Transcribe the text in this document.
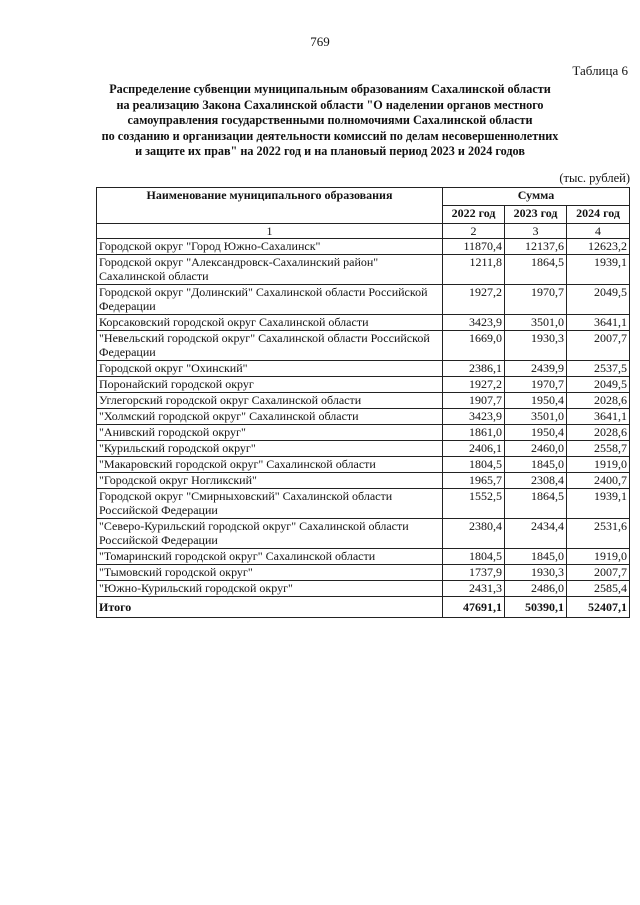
769
Таблица 6
Распределение субвенции муниципальным образованиям Сахалинской области
на реализацию Закона Сахалинской области "О наделении органов местного
самоуправления государственными полномочиями Сахалинской области
по созданию и организации деятельности комиссий по делам несовершеннолетних
и защите их прав" на 2022 год и на плановый период 2023 и 2024 годов
(тыс. рублей)
Наименование муниципального образования	Сумма		
	2022 год	2023 год	2024 год
1	2	3	4
Городской округ "Город Южно-Сахалинск"	11870,4	12137,6	12623,2
Городской округ "Александровск-Сахалинский район" Сахалинской области	1211,8	1864,5	1939,1
Городской округ "Долинский" Сахалинской области Российской Федерации	1927,2	1970,7	2049,5
Корсаковский городской округ Сахалинской области	3423,9	3501,0	3641,1
"Невельский городской округ" Сахалинской области Российской Федерации	1669,0	1930,3	2007,7
Городской округ "Охинский"	2386,1	2439,9	2537,5
Поронайский городской округ	1927,2	1970,7	2049,5
Углегорский городской округ Сахалинской области	1907,7	1950,4	2028,6
"Холмский городской округ" Сахалинской области	3423,9	3501,0	3641,1
"Анивский городской округ"	1861,0	1950,4	2028,6
"Курильский городской округ"	2406,1	2460,0	2558,7
"Макаровский городской округ" Сахалинской области	1804,5	1845,0	1919,0
"Городской округ Ногликский"	1965,7	2308,4	2400,7
Городской округ "Смирныховский" Сахалинской области Российской Федерации	1552,5	1864,5	1939,1
"Северо-Курильский городской округ" Сахалинской области Российской Федерации	2380,4	2434,4	2531,6
"Томаринский городской округ" Сахалинской области	1804,5	1845,0	1919,0
"Тымовский городской округ"	1737,9	1930,3	2007,7
"Южно-Курильский городской округ"	2431,3	2486,0	2585,4
Итого	47691,1	50390,1	52407,1
